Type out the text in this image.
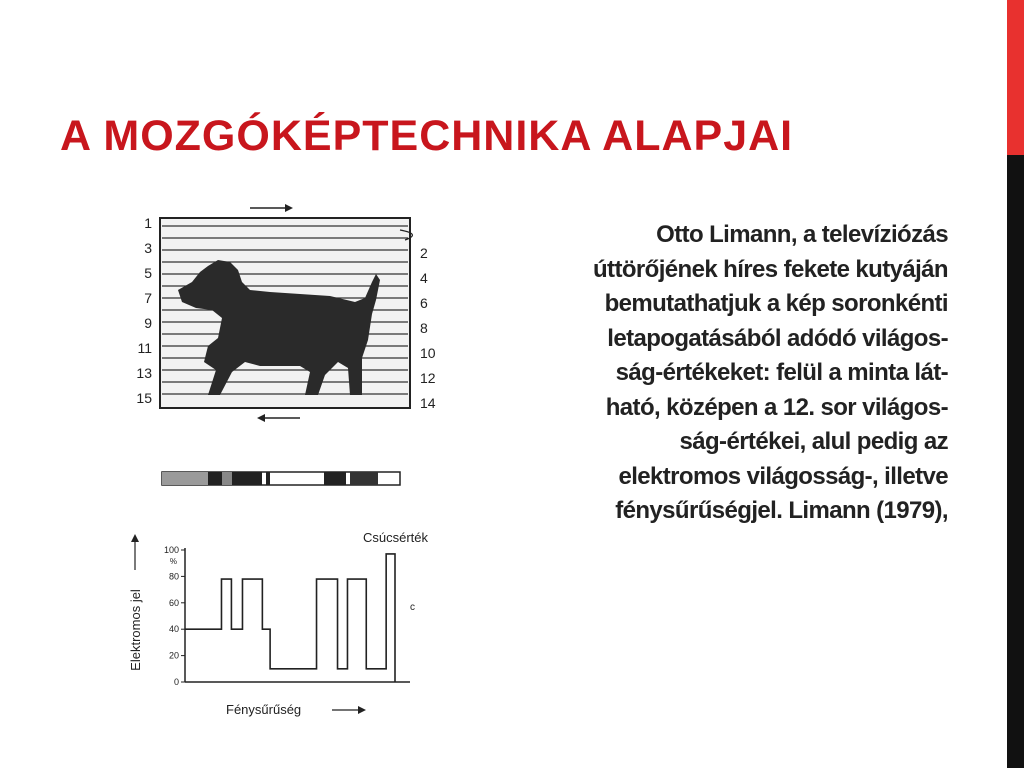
A MOZGÓKÉPTECHNIKA ALAPJAI
1
3
5
7
9
11
13
15
2
4
6
8
10
12
14
100
80
60
40
20
0
%
Csúcsérték
c
Elektromos jel
Fénysűrűség
Otto Limann, a televíziózás
úttörőjének híres fekete kutyáján
bemutathatjuk a kép soronkénti
letapogatásából adódó világos-
ság-értékeket: felül a minta lát-
ható, középen a 12. sor világos-
ság-értékei, alul pedig az
elektromos világosság-, illetve
fénysűrűségjel. Limann (1979),
